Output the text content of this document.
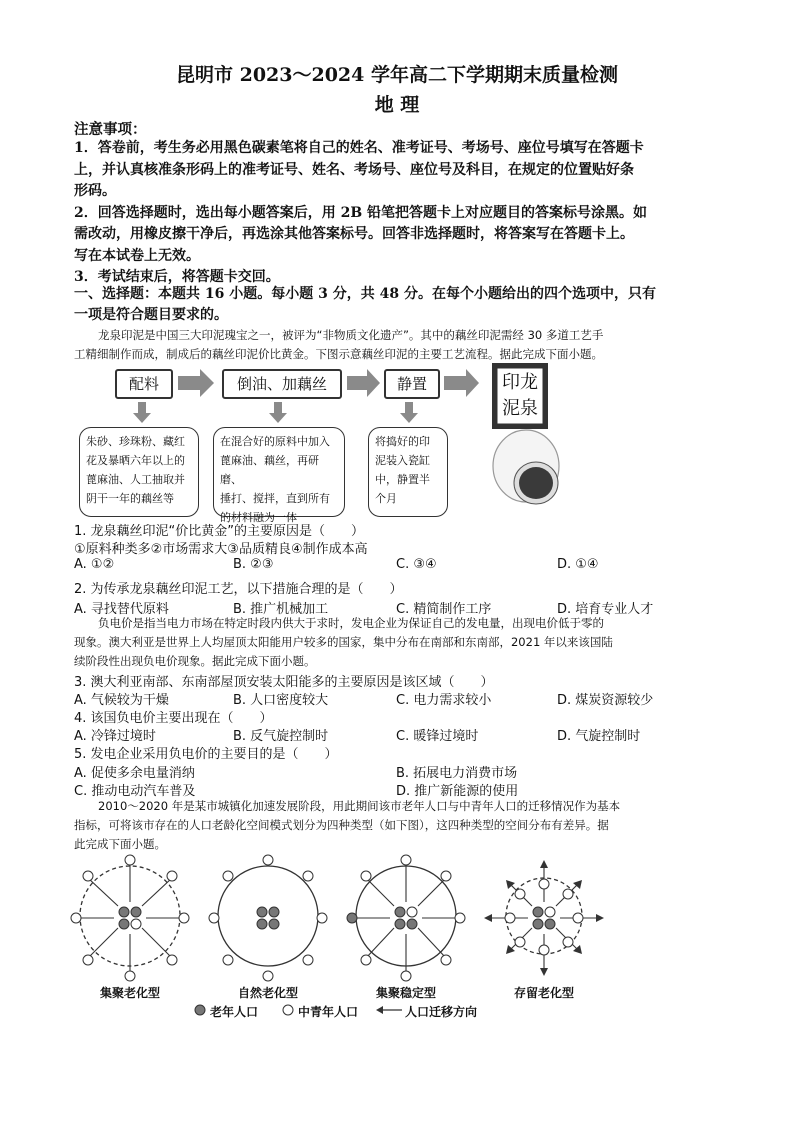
昆明市 2023～2024 学年高二下学期期末质量检测
地 理
注意事项：
1．答卷前，考生务必用黑色碳素笔将自己的姓名、准考证号、考场号、座位号填写在答题卡
上，并认真核准条形码上的准考证号、姓名、考场号、座位号及科目，在规定的位置贴好条
形码。
2．回答选择题时，选出每小题答案后，用 2B 铅笔把答题卡上对应题目的答案标号涂黑。如
需改动，用橡皮擦干净后，再选涂其他答案标号。回答非选择题时，将答案写在答题卡上。
写在本试卷上无效。
3．考试结束后，将答题卡交回。
一、选择题：本题共 16 小题。每小题 3 分，共 48 分。在每个小题给出的四个选项中，只有
一项是符合题目要求的。
龙泉印泥是中国三大印泥瑰宝之一，被评为“非物质文化遗产”。其中的藕丝印泥需经 30 多道工艺手
工精细制作而成，制成后的藕丝印泥价比黄金。下图示意藕丝印泥的主要工艺流程。据此完成下面小题。
配料	倒油、加藕丝	静置	印龙
泥泉
朱砂、珍珠粉、藏红
花及暴晒六年以上的
蓖麻油、人工抽取并
阴干一年的藕丝等
在混合好的原料中加入
蓖麻油、藕丝，再研磨、
捶打、搅拌，直到所有
的材料融为一体
将捣好的印
泥装入瓷缸
中，静置半
个月
1. 龙泉藕丝印泥“价比黄金”的主要原因是（　　）
①原料种类多②市场需求大③品质精良④制作成本高
A. ①②	B. ②③	C. ③④	D. ①④
2. 为传承龙泉藕丝印泥工艺，以下措施合理的是（　　）
A. 寻找替代原料	B. 推广机械加工	C. 精简制作工序	D. 培育专业人才
负电价是指当电力市场在特定时段内供大于求时，发电企业为保证自己的发电量，出现电价低于零的
现象。澳大利亚是世界上人均屋顶太阳能用户较多的国家，集中分布在南部和东南部，2021 年以来该国陆
续阶段性出现负电价现象。据此完成下面小题。
3. 澳大利亚南部、东南部屋顶安装太阳能多的主要原因是该区域（　　）
A. 气候较为干燥	B. 人口密度较大	C. 电力需求较小	D. 煤炭资源较少
4. 该国负电价主要出现在（　　）
A. 冷锋过境时	B. 反气旋控制时	C. 暖锋过境时	D. 气旋控制时
5. 发电企业采用负电价的主要目的是（　　）
A. 促使多余电量消纳	B. 拓展电力消费市场
C. 推动电动汽车普及	D. 推广新能源的使用
2010～2020 年是某市城镇化加速发展阶段，用此期间该市老年人口与中青年人口的迁移情况作为基本
指标，可将该市存在的人口老龄化空间模式划分为四种类型（如下图），这四种类型的空间分布有差异。据
此完成下面小题。
集聚老化型	自然老化型	集聚稳定型	存留老化型
老年人口	中青年人口	人口迁移方向
